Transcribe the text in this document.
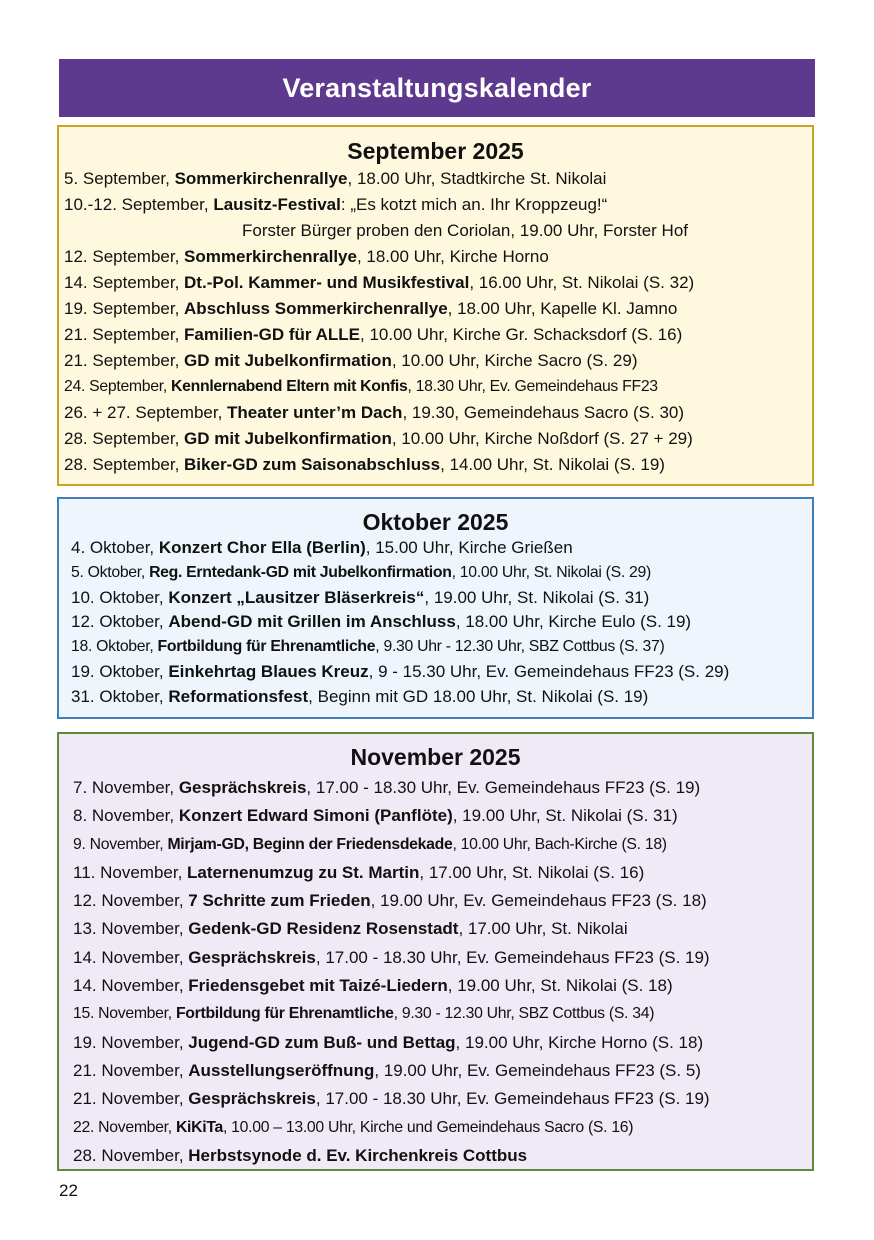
Veranstaltungskalender
September 2025
5. September, Sommerkirchenrallye, 18.00 Uhr, Stadtkirche St. Nikolai
10.-12. September, Lausitz-Festival: „Es kotzt mich an. Ihr Kroppzeug!“
Forster Bürger proben den Coriolan, 19.00 Uhr, Forster Hof
12. September, Sommerkirchenrallye, 18.00 Uhr, Kirche Horno
14. September, Dt.-Pol. Kammer- und Musikfestival, 16.00 Uhr, St. Nikolai (S. 32)
19. September, Abschluss Sommerkirchenrallye, 18.00 Uhr, Kapelle Kl. Jamno
21. September, Familien-GD für ALLE, 10.00 Uhr, Kirche Gr. Schacksdorf (S. 16)
21. September, GD mit Jubelkonfirmation, 10.00 Uhr, Kirche Sacro (S. 29)
24. September, Kennlernabend Eltern mit Konfis, 18.30 Uhr, Ev. Gemeindehaus FF23
26. + 27. September, Theater unter’m Dach, 19.30, Gemeindehaus Sacro (S. 30)
28. September, GD mit Jubelkonfirmation, 10.00 Uhr, Kirche Noßdorf (S. 27 + 29)
28. September, Biker-GD zum Saisonabschluss, 14.00 Uhr, St. Nikolai (S. 19)
Oktober 2025
4. Oktober, Konzert Chor Ella (Berlin), 15.00 Uhr, Kirche Grießen
5. Oktober, Reg. Erntedank-GD mit Jubelkonfirmation, 10.00 Uhr, St. Nikolai (S. 29)
10. Oktober, Konzert „Lausitzer Bläserkreis“, 19.00 Uhr, St. Nikolai (S. 31)
12. Oktober, Abend-GD mit Grillen im Anschluss, 18.00 Uhr, Kirche Eulo (S. 19)
18. Oktober, Fortbildung für Ehrenamtliche, 9.30 Uhr - 12.30 Uhr, SBZ Cottbus (S. 37)
19. Oktober, Einkehrtag Blaues Kreuz, 9 - 15.30 Uhr, Ev. Gemeindehaus FF23 (S. 29)
31. Oktober, Reformationsfest, Beginn mit GD 18.00 Uhr, St. Nikolai (S. 19)
November 2025
7. November, Gesprächskreis, 17.00 - 18.30 Uhr, Ev. Gemeindehaus FF23 (S. 19)
8. November, Konzert Edward Simoni (Panflöte), 19.00 Uhr, St. Nikolai (S. 31)
9. November, Mirjam-GD, Beginn der Friedensdekade, 10.00 Uhr, Bach-Kirche (S. 18)
11. November, Laternenumzug zu St. Martin, 17.00 Uhr, St. Nikolai (S. 16)
12. November, 7 Schritte zum Frieden, 19.00 Uhr, Ev. Gemeindehaus FF23 (S. 18)
13. November, Gedenk-GD Residenz Rosenstadt, 17.00 Uhr, St. Nikolai
14. November, Gesprächskreis, 17.00 - 18.30 Uhr, Ev. Gemeindehaus FF23 (S. 19)
14. November, Friedensgebet mit Taizé-Liedern, 19.00 Uhr, St. Nikolai (S. 18)
15. November, Fortbildung für Ehrenamtliche, 9.30 - 12.30 Uhr, SBZ Cottbus (S. 34)
19. November, Jugend-GD zum Buß- und Bettag, 19.00 Uhr, Kirche Horno (S. 18)
21. November, Ausstellungseröffnung, 19.00 Uhr, Ev. Gemeindehaus FF23 (S. 5)
21. November, Gesprächskreis, 17.00 - 18.30 Uhr, Ev. Gemeindehaus FF23 (S. 19)
22. November, KiKiTa, 10.00 – 13.00 Uhr, Kirche und Gemeindehaus Sacro (S. 16)
28. November, Herbstsynode d. Ev. Kirchenkreis Cottbus
22
